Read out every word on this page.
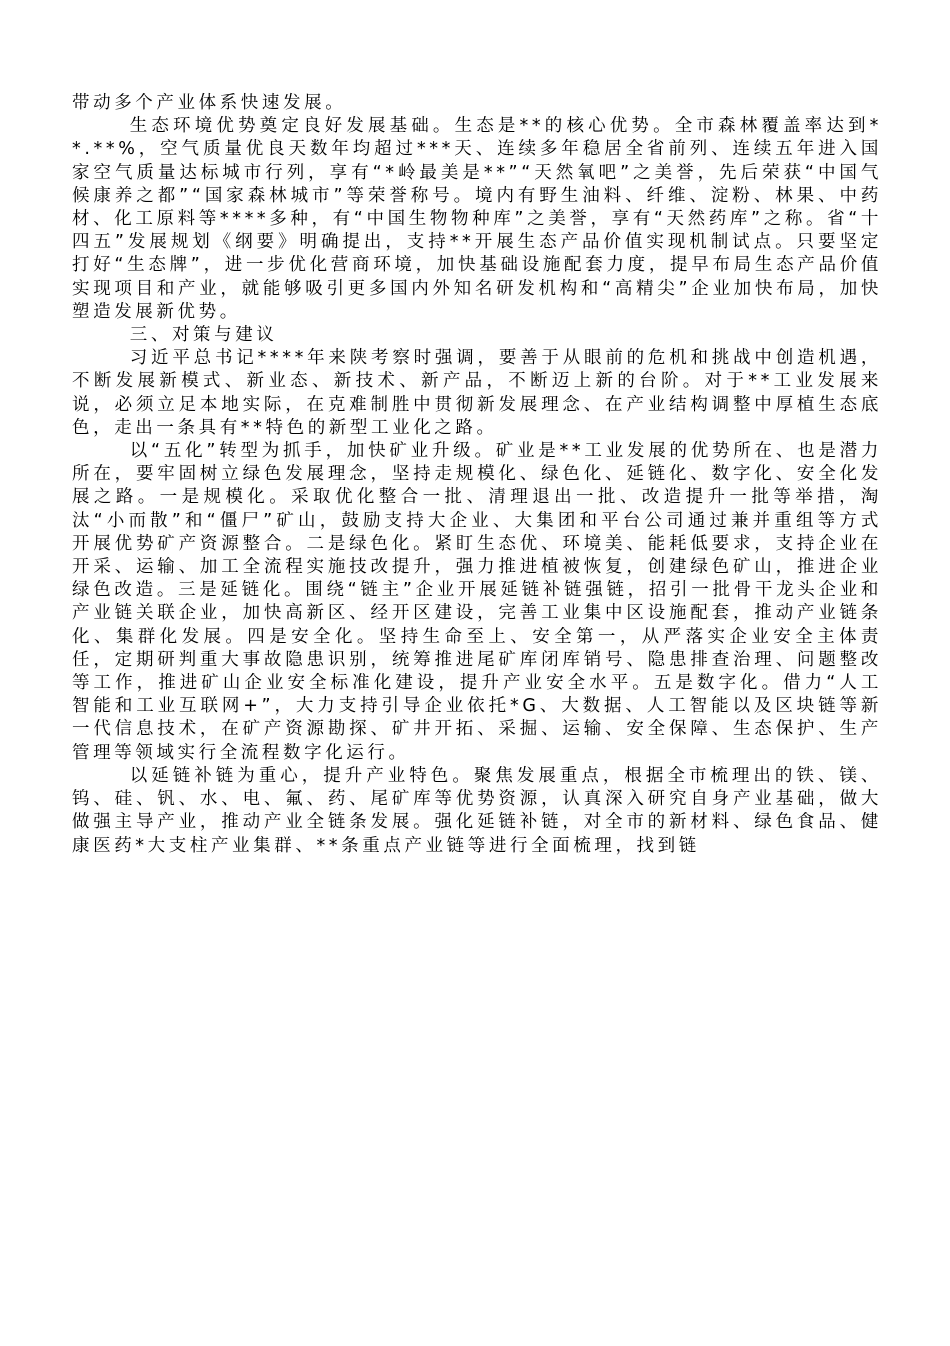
带动多个产业体系快速发展。

生态环境优势奠定良好发展基础。生态是**的核心优势。全市森林覆盖率达到**.**%，空气质量优良天数年均超过***天、连续多年稳居全省前列、连续五年进入国家空气质量达标城市行列，享有“*岭最美是**”“天然氧吧”之美誉，先后荣获“中国气候康养之都”“国家森林城市”等荣誉称号。境内有野生油料、纤维、淀粉、林果、中药材、化工原料等****多种，有“中国生物物种库”之美誉，享有“天然药库”之称。省“十四五”发展规划《纲要》明确提出，支持**开展生态产品价值实现机制试点。只要坚定打好“生态牌”，进一步优化营商环境，加快基础设施配套力度，提早布局生态产品价值实现项目和产业，就能够吸引更多国内外知名研发机构和“高精尖”企业加快布局，加快塑造发展新优势。

三、对策与建议

习近平总书记****年来陕考察时强调，要善于从眼前的危机和挑战中创造机遇，不断发展新模式、新业态、新技术、新产品，不断迈上新的台阶。对于**工业发展来说，必须立足本地实际，在克难制胜中贯彻新发展理念、在产业结构调整中厚植生态底色，走出一条具有**特色的新型工业化之路。

以“五化”转型为抓手，加快矿业升级。矿业是**工业发展的优势所在、也是潜力所在，要牢固树立绿色发展理念，坚持走规模化、绿色化、延链化、数字化、安全化发展之路。一是规模化。采取优化整合一批、清理退出一批、改造提升一批等举措，淘汰“小而散”和“僵尸”矿山，鼓励支持大企业、大集团和平台公司通过兼并重组等方式开展优势矿产资源整合。二是绿色化。紧盯生态优、环境美、能耗低要求，支持企业在开采、运输、加工全流程实施技改提升，强力推进植被恢复，创建绿色矿山，推进企业绿色改造。三是延链化。围绕“链主”企业开展延链补链强链，招引一批骨干龙头企业和产业链关联企业，加快高新区、经开区建设，完善工业集中区设施配套，推动产业链条化、集群化发展。四是安全化。坚持生命至上、安全第一，从严落实企业安全主体责任，定期研判重大事故隐患识别，统筹推进尾矿库闭库销号、隐患排查治理、问题整改等工作，推进矿山企业安全标准化建设，提升产业安全水平。五是数字化。借力“人工智能和工业互联网+”，大力支持引导企业依托*G、大数据、人工智能以及区块链等新一代信息技术，在矿产资源勘探、矿井开拓、采掘、运输、安全保障、生态保护、生产管理等领域实行全流程数字化运行。

以延链补链为重心，提升产业特色。聚焦发展重点，根据全市梳理出的铁、镁、钨、硅、钒、水、电、氟、药、尾矿库等优势资源，认真深入研究自身产业基础，做大做强主导产业，推动产业全链条发展。强化延链补链，对全市的新材料、绿色食品、健康医药*大支柱产业集群、**条重点产业链等进行全面梳理，找到链
